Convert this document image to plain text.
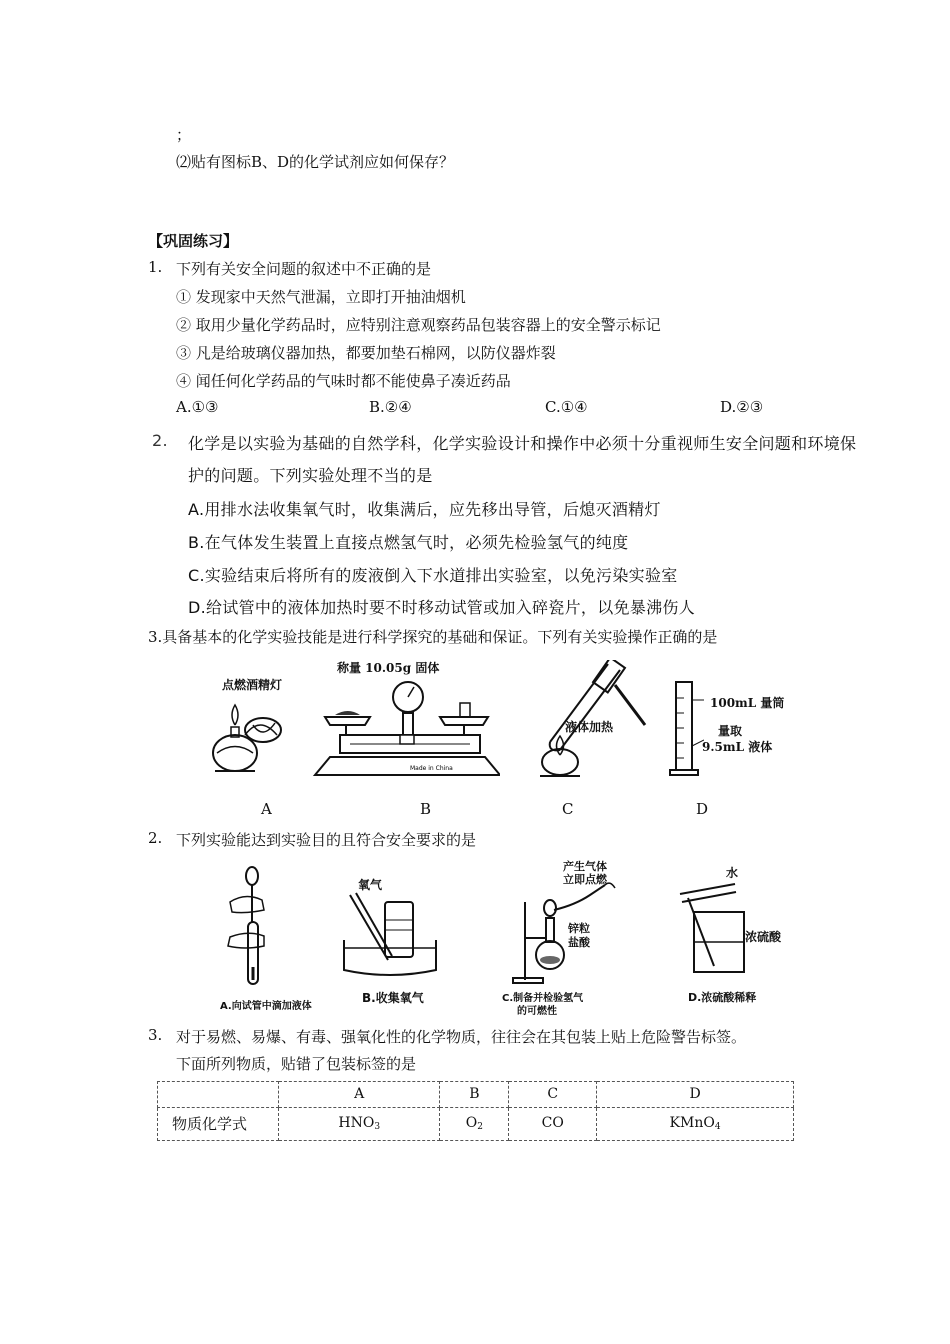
；
⑵贴有图标B、D的化学试剂应如何保存？
【巩固练习】
1. 下列有关安全问题的叙述中不正确的是
① 发现家中天然气泄漏，立即打开抽油烟机
② 取用少量化学药品时，应特别注意观察药品包装容器上的安全警示标记
③ 凡是给玻璃仪器加热，都要加垫石棉网，以防仪器炸裂
④ 闻任何化学药品的气味时都不能使鼻子凑近药品
A.①③	B.②④	C.①④	D.②③
2. 化学是以实验为基础的自然学科，化学实验设计和操作中必须十分重视师生安全问题和环境保
护的问题。下列实验处理不当的是
A.用排水法收集氧气时，收集满后，应先移出导管，后熄灭酒精灯
B.在气体发生装置上直接点燃氢气时，必须先检验氢气的纯度
C.实验结束后将所有的废液倒入下水道排出实验室，以免污染实验室
D.给试管中的液体加热时要不时移动试管或加入碎瓷片，以免暴沸伤人
3.具备基本的化学实验技能是进行科学探究的基础和保证。下列有关实验操作正确的是
点燃酒精灯
称量 10.05g 固体
Made in China
液体加热
100mL 量筒
量取
9.5mL 液体
A	B	C	D
2. 下列实验能达到实验目的且符合安全要求的是
A.向试管中滴加液体
氧气
B.收集氧气
产生气体
立即点燃
锌粒
盐酸
C.制备并检验氢气
的可燃性
水
浓硫酸
D.浓硫酸稀释
3. 对于易燃、易爆、有毒、强氧化性的化学物质，往往会在其包装上贴上危险警告标签。
下面所列物质，贴错了包装标签的是
	A	B	C	D
物质化学式	$HNO_3$	$O_2$	CO	KMnO$_4$
